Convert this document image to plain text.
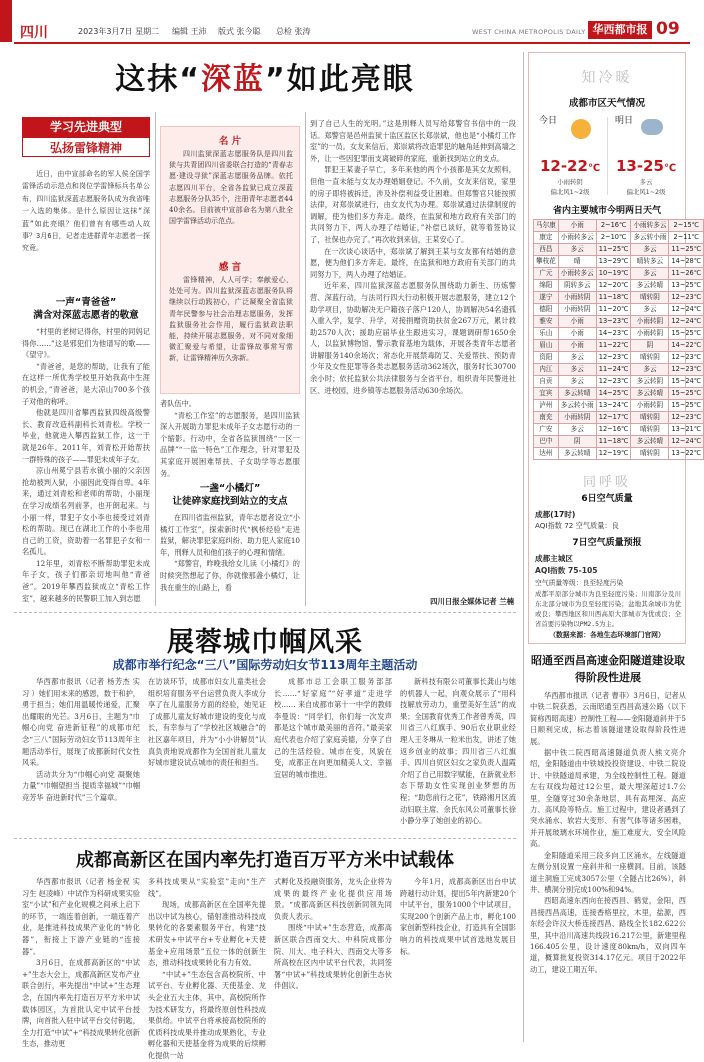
四川	2023年3月7日 星期二 编辑 王沛 版式 张今聪 总检 张涛	WEST CHINA METROPOLIS DAILY 华西都市报 09
这抹“深蓝”如此亮眼
学习先进典型
弘扬雷锋精神

近日，由中宣部命名的军人侯全国学雷锋活动示范点和岗位学雷锋标兵名单公布，四川监狱深蓝志愿服务队成为我省唯一入选的集体。是什么原因让这抹“深蓝”如此亮眼？他们曾有有哪些动人故事？3月6日，记者走进群青年志愿者一探究竟。

一声“青爸爸”
满含对深蓝志愿者的敬意

“村里的老树记得你，村里的同妈记得你……”这是邪犯们为他谱写的歌——《望守》。

“青爸爸，是您的帮助，让我有了能在这样一所优秀学校里开始我高中生涯的机会，”青爸爸，是大凉山700多个孩子对他的称呼。

他就是四川省攀西监狱四级高级警长、教育改造科副科长刘青松。学校一毕业，他就进入攀西监狱工作，这一干就是26年。2011年，刘青松开始帮扶一群特殊的孩子——罪犯未成年子女。

凉山州冕宁县若水镇小丽的父亲因抢劫被判入狱，小丽因此变得自卑。4年来，通过刘青松和老师的帮助，小丽现在学习成绩名列前茅，也开朗起来。与小丽一样，罪犯子女小李也接受过刘青松的帮助。现已在湖北工作的小李也用自己的工资，资助着一名罪犯子女和一名孤儿。

12年里，刘青松不断帮助罪犯未成年子女，孩子们都亲切地叫他“青爸爸”。2019年攀西监狱成立“青松工作室”，越来越多的民警职工加入到志愿

名 片

四川监狱深蓝志愿服务队是四川监狱与共青团四川省委联合打造的“青春志愿·建设寻狱”深蓝志愿服务品牌。依托志愿四川平台，全省各监狱已成立深蓝志愿服务分队35个，注册青年志愿者4440余名。目前被中宣部命名为第八批全国学雷锋活动示范点。

感 言

雷锋精神，人人可学；奉献爱心，处处可为。四川监狱深蓝志愿服务队将继续以行动践初心，广泛凝聚全省监狱青年民警参与社会治理志愿服务，发挥监狱服务社会作用，履行监狱政法职能，持续开展志愿服务，对不同对象细微汇聚爱与希望，让雷锋故事常写常新，让雷锋精神历久弥新。

者队伍中。

“青松工作室”的志愿服务，是四川监狱深入开展助力罪犯未成年子女志愿行动的一个缩影。行动中，全省各监狱围绕“一区一品牌”“一监一特色”工作理念，针对罪犯及其家庭开展困难帮扶、子女助学等志愿服务。

一盏“小橘灯”
让徒碎家庭找到站立的支点

在四川省监州监狱，青年志愿者设立“小橘灯工作室”，探索新时代“枫桥经验”走进监狱，解决罪犯家庭纠纷、助力犯人家庭10年，刑释人员和他们孩子的心理和情绪。

“郑警官，昨晚我给女儿读《小橘灯》的时候突然想起了你，你就像那盏小橘灯，让我在重生的山路上，看

到了自己人生的光明。”这是刑释人员写给郑警官书信中的一段话。郑警官是邑州监狱十监区监区长郑崇斌，他也是“小橘灯工作室”的一员。女友来信后，郑崇斌将改造罪犯的触角延伸到高墙之外，让一些因犯罪而支离破碎的家庭，重新找到站立的支点。

罪犯王某妻子早亡，多年来他的两个小孩都是其女友照料，但他一直未能与女友办理婚姻登记。不久前，女友来信说，家里的房子即将被拆迁，涉及补偿利益受让困难。但郑警官只能按照法律，对郑崇斌进行，由女友代为办理。郑崇斌通过法律制度的调解，使为他们多方奔走。最终，在监狱和地方政府有关部门的共同努力下，两人办理了结婚证，”补偿已谈好，就等着签协议了，社保也办完了。”再次收到来信，王某安心了。

在一次谈心谈话中，郑崇斌了解到王某与女友都有结婚的意愿，便为他们多方奔走。最终，在监狱和地方政府有关部门的共同努力下，两人办理了结婚证。

近年来，四川监狱深蓝志愿服务队围绕助力新生、历炼警营、深蓝行动，与法司行四大行动积极开展志愿服务，建立12个助学项目，协助解决无户籍孩子落户120人，协调解决54名遗孤入重入学，复学、升学，对接捐赠资助扶贫金267万元，累计救助2570人次；援助应届毕业生跟进实习，课题调研帮1650余人，以监狱博物馆、警示教育基地为载体，开展各类青年志愿者讲解服务140余场次；常态化开展禁毒防艾、关爱帮扶、预防青少年及女性犯罪等各类志愿服务活动362场次，服务时长30700余小时；依托监狱公共法律服务与全省平台，组织青年民警进社区、进校园，进乡镇等志愿服务活动630余场次。

四川日报全媒体记者 兰楠
展蓉城巾帼风采
成都市举行纪念“三八”国际劳动妇女节113周年主题活动

华西都市报讯（记者 杨芳杰 实习 ）她们用未来的感恩，数于和护，勇于担当；她们用温暖传递爱，汇聚出耀眼的光芒。3月6日，主题为“巾帼心向党 奋进新征程”的成都市纪念“三八”国际劳动妇女节113周年主题活动举行，展现了成都新时代女性风采。

活动共分为“巾帼心向党 凝聚她力量”“巾帼望担当 提质幸福城”“巾帼竞芳华 奋进新时代”三个篇章。

在访谈环节，成都市妇女儿童类社会组织培育服务平台运营负责人李成分享了在儿童服务方面的经验，她见证了成都儿童友好城市建设的变化与成长，有幸参与了“学校社区城融合”的社区嘉年项目，并为“小小讲解员”认真负责地说成都作为全国首批儿童友好城市建设试点城市的责任和担当。

成都市总工会职工服务部部长……“好家庭”“好孝道”走进学校…… 来自成都市第十一中学的教师李曼说：“同学们，你们每一次发声都是这个城市最美丽的音符。”最美家庭代表也介绍了家庭美德，分享了自己的生活经验。城市在变，风貌在变，成都正在向更加精美人文、幸福宜居的城市推进。

新科技有限公司董事长龚山与她的机器人一起，向观众展示了“用科技解放劳动力，重塑美好生活”的成果；全国教育优秀工作者曾秀英，四川省三八红旗手、90后农业职业经理人王冬琳从一粒米出发，讲述了她返乡创业的故事；四川省三八红旗手、四川自贸区妇女之家负责人温霞介绍了自己用数字赋能，在新就业形态下帮助女性实现创业梦想的历程；“助您前行之花”，铁路湘月区流动妇联主席、余氏东风公司董事长徐小静分享了她创业的初心。

成都高新区在国内率先打造百万平方米中试载体

华西都市报讯（记者 杨金祝 实习生 赵凌峰）中试作为科研成果实验室“小试”和产业化规模之间承上启下的环节，一端连着创新，一端连着产业，是推进科技成果产业化的“转化器”，衔接上下游产业链的“连接器”。

3月6日，在成都高新区的“中试+”生态大会上，成都高新区发布产业联合创行，率先提出“中试+”生态理念，在国内率先打造百万平方米中试载体园区，为首批认定中试平台授牌，向首批入驻中试平台交付钥匙，全力打造“中试”+“科技成果转化创新生态，推动更

多科技成果从“实验室”走向“生产线”。

现场，成都高新区在全国率先提出以中试为核心，锚射准推动科技成果转化的各要素服务平台，构建“技术研发+中试平台+专业孵化+天使基金+应用场景”五位一体的创新生态，推动科技成果转化有力有效。

“中试+”生态包含高校院所、中试平台、专业孵化器、天使基金、龙头企业五大主体，其中，高校院所作为技术研发方，将最终原创性科技成果供给。中试平台将承接高校院所的优质科技成果并推动成果熟化，专业孵化器和天使基金将为成果的后续孵化提供一站

式孵化及投融资服务，龙头企业将为成果的最终产业化提供应用场景。“成都高新区科技创新同领先同负责人表示。

围绕“中试+”生态营造，成都高新区联合西南交大、中科院成都分院、川大、电子科大、西南交大等多所高校在区内中试平台代表，共同签署“中试+”科技成果转化创新生态伙伴倡议。

今年1月，成都高新区出台中试跨越行动计划，提出5年内新建20个中试平台，服务1000个中试项目，实现200个创新产品上市，孵化100家创新型科技企业，打造具有全国影响力的科技成果中试首选地发展目标。

知冷暖
成都市区天气情况
今日
12-22℃
小雨转阴
偏北风1~2级
明日
13-25℃
多云
偏北风1~2级
省内主要城市今明两日天气
马尔康	小雨	2~16℃	小雨转多云	2~15℃
康定	小雨转多云	2~10℃	多云转小雨	2~11℃
西昌	多云	11~25℃	多云	11~25℃
攀枝花	晴	13~29℃	晴转多云	14~28℃
广元	小雨转多云	10~19℃	多云	11~26℃
绵阳	阴转多云	12~20℃	多云转晴	13~25℃
遂宁	小雨转阴	11~18℃	晴转阴	12~23℃
德阳	小雨转阴	11~20℃	多云	12~24℃
雅安	小雨	13~23℃	小雨转阴	12~24℃
乐山	小雨	14~23℃	小雨转阴	15~25℃
眉山	小雨	11~22℃	阴	14~22℃
资阳	多云	12~23℃	晴转阴	12~23℃
内江	多云	11~24℃	多云	12~23℃
自贡	多云	12~23℃	多云转阴	15~24℃
宜宾	多云转晴	14~25℃	多云转晴	15~25℃
泸州	多云转小雨	13~24℃	小雨转阴	15~25℃
南充	小雨转阴	12~17℃	晴转阴	12~23℃
广安	多云	12~16℃	晴转阴	13~21℃
巴中	阴	11~18℃	多云转晴	12~24℃
达州	多云转晴	12~19℃	晴转阴	13~22℃
同呼吸
6日空气质量
成都(17时)
AQI指数 72 空气质量：良
7日空气质量预报
成都主城区
AQI指数 75-105
空气质量等级：良至轻度污染

成都平原部分城市为良至轻度污染；川南部分及川东北部分城市为良至轻度污染；盆地其余城市为优或良；攀西地区和川西高原大部城市为优或良；全省首要污染物以PM2.5为主。

（数据来源：各地生态环境部门官网）
昭通至西昌高速金阳隧道建设取得阶段性进展

华西都市报讯（记者 曹菲）3月6日，记者从中铁二院获悉，云南昭通至西昌高速公路（以下简称西昭高速）控制性工程——金阳隧道斜井于5日顺利完成，标志着该隧道建设取得阶段性进展。

据中铁二院西昭高速隧道负责人熊文亮介绍，金阳隧道由中铁城投投资建设、中铁二院设计、中铁隧道局承建，为全线控制性工程。隧道左右双线均超过12公里，最大埋深超过1.7公里，全隧穿过30余条地层，具有高埋深、高应力、高风险等特点。施工过程中，建设者遇到了突水涌水、软岩大变形、有害气体等诸多困难，并开展玻璃水环境作业，施工难度大、安全风险高。

金阳隧道采用三段多向工区涌水，左线隧道左侧分别设置一座斜井和一座横洞。目前，该隧道主洞施工完成3057公里（全隧占比26%），斜井、横洞分别完成100%和94%。

西昭高速东西向在接西昌、鹤觉，金阳，西昌接西昌高速，连接香格里拉，木里，盐源，西东经会许汉大桥连接西昌、路线全长182.622公里，其中沿川高速共线段16.217公里，新建里程166.405公里，设计速度80km/h，双向四车道，概算批复投资314.17亿元。项目于2022年动工，建设工期五年。
